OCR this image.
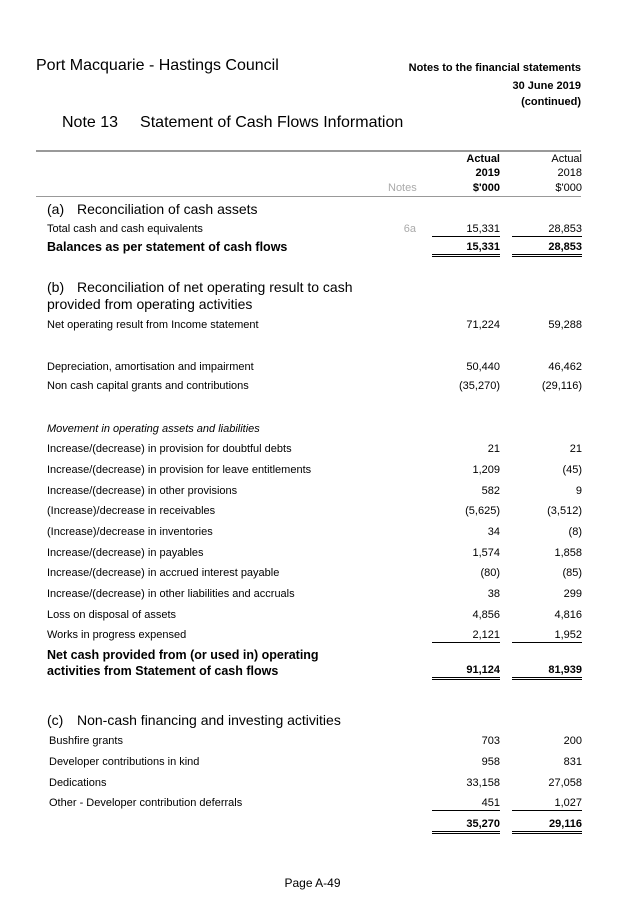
Port Macquarie - Hastings Council	Notes to the financial statements
30 June 2019
(continued)
Note 13 Statement of Cash Flows Information
Actual	Actual
2019	2018
Notes	$'000	$'000
(a) Reconciliation of cash assets
Total cash and cash equivalents	6a	15,331	28,853
Balances as per statement of cash flows	15,331	28,853
(b) Reconciliation of net operating result to cash
provided from operating activities
Net operating result from Income statement	71,224	59,288
Depreciation, amortisation and impairment	50,440	46,462
Non cash capital grants and contributions	(35,270)	(29,116)
Movement in operating assets and liabilities
Increase/(decrease) in provision for doubtful debts	21	21
Increase/(decrease) in provision for leave entitlements	1,209	(45)
Increase/(decrease) in other provisions	582	9
(Increase)/decrease in receivables	(5,625)	(3,512)
(Increase)/decrease in inventories	34	(8)
Increase/(decrease) in payables	1,574	1,858
Increase/(decrease) in accrued interest payable	(80)	(85)
Increase/(decrease) in other liabilities and accruals	38	299
Loss on disposal of assets	4,856	4,816
Works in progress expensed	2,121	1,952
Net cash provided from (or used in) operating
activities from Statement of cash flows	91,124	81,939
(c) Non-cash financing and investing activities
Bushfire grants	703	200
Developer contributions in kind	958	831
Dedications	33,158	27,058
Other - Developer contribution deferrals	451	1,027
35,270	29,116
Page A-49
